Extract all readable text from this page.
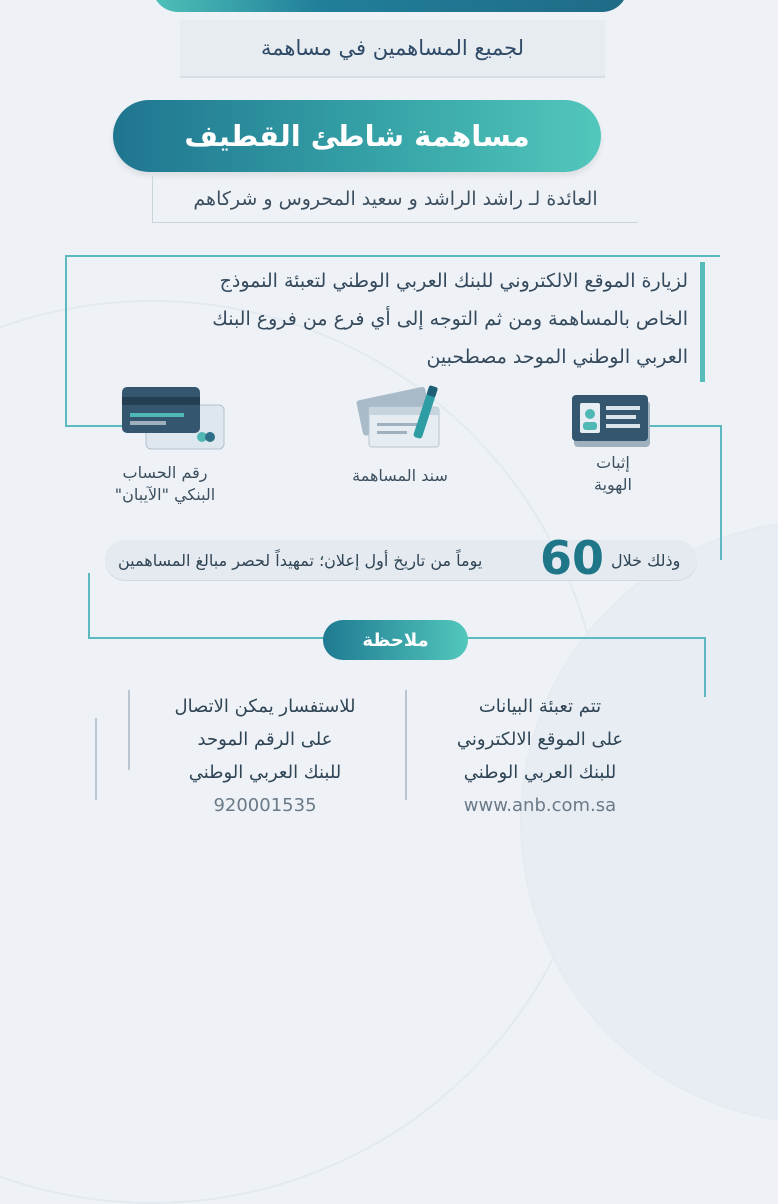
لجميع المساهمين في مساهمة
مساهمة شاطئ القطيف
العائدة لـ راشد الراشد و سعيد المحروس و شركاهم
لزيارة الموقع الالكتروني للبنك العربي الوطني لتعبئة النموذج
الخاص بالمساهمة ومن ثم التوجه إلى أي فرع من فروع البنك
العربي الوطني الموحد مصطحبين
إثبات
الهوية
سند المساهمة
رقم الحساب
البنكي "الآيبان"
وذلك خلال
60
يوماً من تاريخ أول إعلان؛ تمهيداً لحصر مبالغ المساهمين
ملاحظة
تتم تعبئة البيانات
على الموقع الالكتروني
للبنك العربي الوطني
www.anb.com.sa
للاستفسار يمكن الاتصال
على الرقم الموحد
للبنك العربي الوطني
920001535
